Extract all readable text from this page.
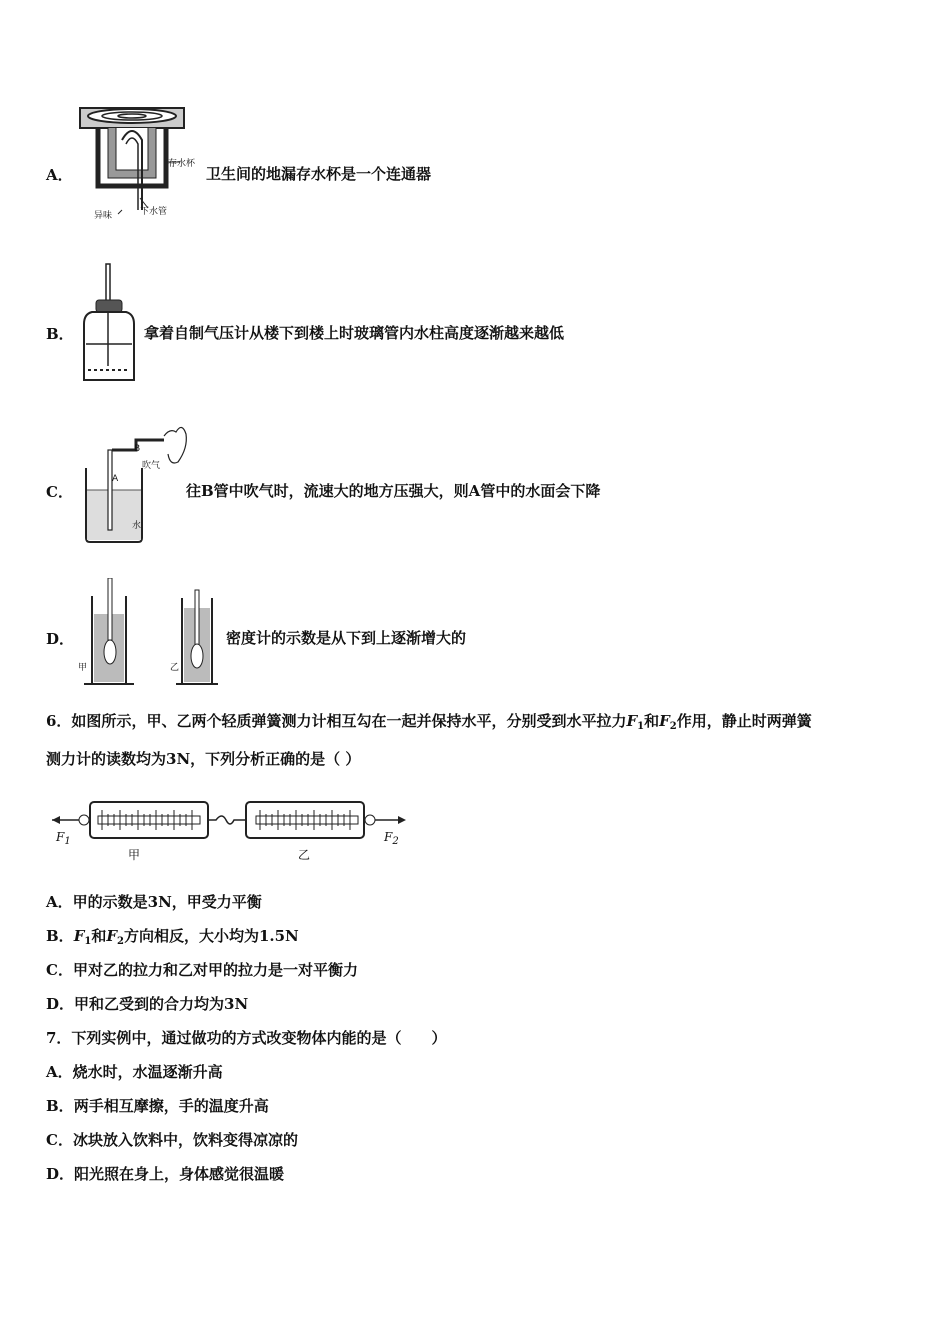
A．
存水杯
异味	下水管
卫生间的地漏存水杯是一个连通器
B．	拿着自制气压计从楼下到楼上时玻璃管内水柱高度逐渐越来越低
C．
B
A
吹气
水
往B管中吹气时，流速大的地方压强大，则A管中的水面会下降
D．
甲	乙
密度计的示数是从下到上逐渐增大的
6．如图所示，甲、乙两个轻质弹簧测力计相互勾在一起并保持水平，分别受到水平拉力$F_1$和$F_2$作用，静止时两弹簧
测力计的读数均为3N，下列分析正确的是（ ）
$F_1$	$F_2$
甲	乙
A．甲的示数是3N，甲受力平衡
B．$F_1$和$F_2$方向相反，大小均为1.5N
C．甲对乙的拉力和乙对甲的拉力是一对平衡力
D．甲和乙受到的合力均为3N
7．下列实例中，通过做功的方式改变物体内能的是（　　）
A．烧水时，水温逐渐升高
B．两手相互摩擦，手的温度升高
C．冰块放入饮料中，饮料变得凉凉的
D．阳光照在身上，身体感觉很温暖
